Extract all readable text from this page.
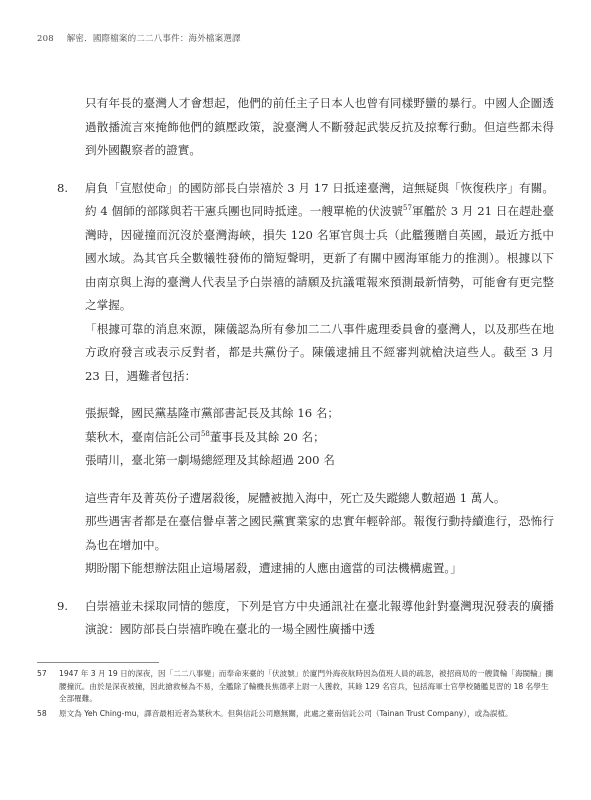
208 解密．國際檔案的二二八事件：海外檔案選譯

只有年長的臺灣人才會想起，他們的前任主子日本人也曾有同樣野蠻的暴行。中國人企圖透過散播流言來掩飾他們的鎮壓政策，說臺灣人不斷發起武裝反抗及掠奪行動。但這些都未得到外國觀察者的證實。

8. 肩負「宣慰使命」的國防部長白崇禧於 3 月 17 日抵達臺灣，這無疑與「恢復秩序」有關。約 4 個師的部隊與若干憲兵團也同時抵達。一艘單桅的伏波號$^{57}$軍艦於 3 月 21 日在趕赴臺灣時，因碰撞而沉沒於臺灣海峽，損失 120 名軍官與士兵（此艦獲贈自英國，最近方抵中國水域。為其官兵全數犧牲發佈的簡短聲明，更新了有關中國海軍能力的推測）。根據以下由南京與上海的臺灣人代表呈予白崇禧的請願及抗議電報來預測最新情勢，可能會有更完整之掌握。

「根據可靠的消息來源，陳儀認為所有參加二二八事件處理委員會的臺灣人，以及那些在地方政府發言或表示反對者，都是共黨份子。陳儀逮捕且不經審判就槍決這些人。截至 3 月 23 日，遇難者包括：

張振聲，國民黨基隆市黨部書記長及其餘 16 名；
葉秋木，臺南信託公司$^{58}$董事長及其餘 20 名；
張晴川，臺北第一劇場總經理及其餘超過 200 名

這些青年及菁英份子遭屠殺後，屍體被拋入海中，死亡及失蹤總人數超過 1 萬人。

那些遇害者都是在臺信譽卓著之國民黨實業家的忠實年輕幹部。報復行動持續進行，恐怖行為也在增加中。

期盼閣下能想辦法阻止這場屠殺，遭逮捕的人應由適當的司法機構處置。」

9. 白崇禧並未採取同情的態度，下列是官方中央通訊社在臺北報導他針對臺灣現況發表的廣播演說：國防部長白崇禧昨晚在臺北的一場全國性廣播中透
57 1947 年 3 月 19 日的深夜，因「二二八事變」而奉命來臺的「伏波號」於廈門外海夜航時因為值班人員的疏忽，被招商局的一艘貨輪「海閩輪」攔腰撞沉。由於是深夜被撞，因此搶救極為不易，全艦除了輪機長焦德孝上尉一人獲救，其餘 129 名官兵，包括海軍士官學校隨艦見習的 18 名學生全部罹難。
58 原文為 Yeh Ching-mu，譯音最相近者為葉秋木。但與信託公司應無關，此處之臺南信託公司（Tainan Trust Company），或為誤植。
